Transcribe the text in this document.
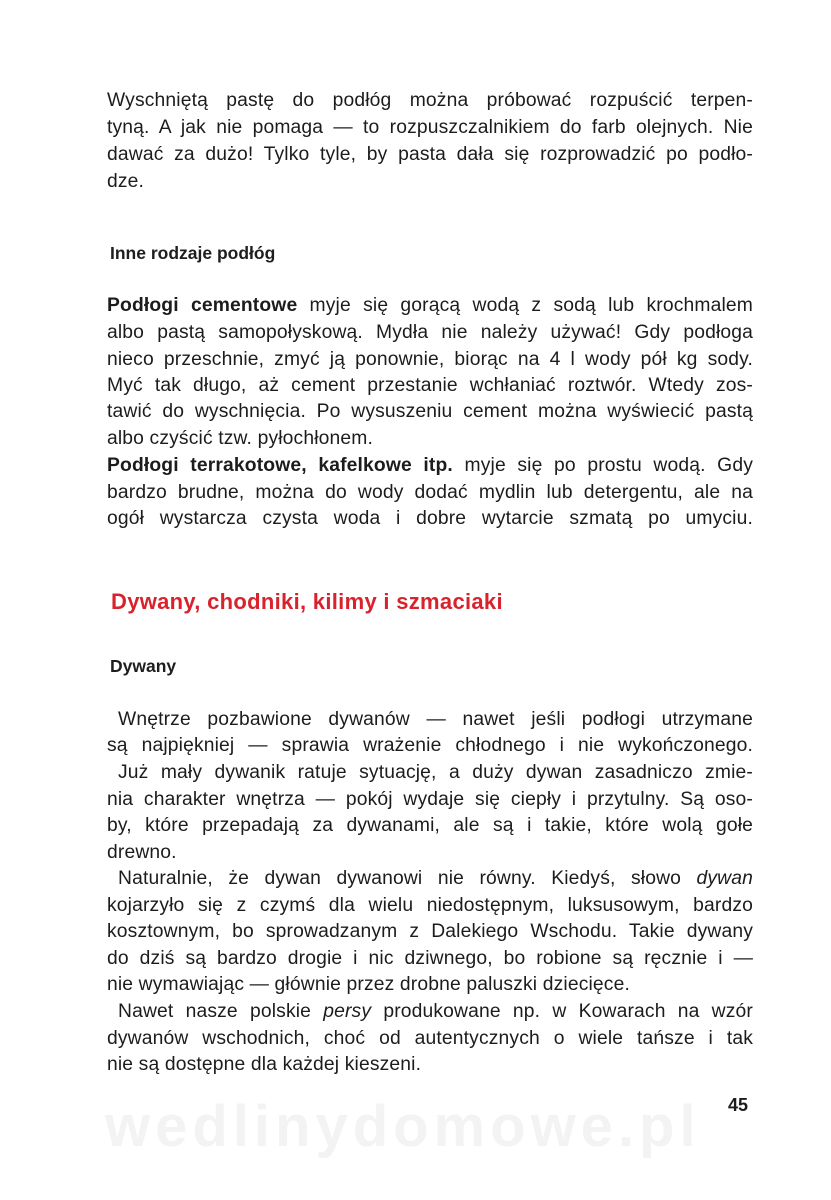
Wyschniętą pastę do podłóg można próbować rozpuścić terpen-
tyną. A jak nie pomaga — to rozpuszczalnikiem do farb olejnych. Nie
dawać za dużo! Tylko tyle, by pasta dała się rozprowadzić po podło-
dze.
Inne rodzaje podłóg
Podłogi cementowe myje się gorącą wodą z sodą lub krochmalem
albo pastą samopołyskową. Mydła nie należy używać! Gdy podłoga
nieco przeschnie, zmyć ją ponownie, biorąc na 4 l wody pół kg sody.
Myć tak długo, aż cement przestanie wchłaniać roztwór. Wtedy zos-
tawić do wyschnięcia. Po wysuszeniu cement można wyświecić pastą
albo czyścić tzw. pyłochłonem.
Podłogi terrakotowe, kafelkowe itp. myje się po prostu wodą. Gdy
bardzo brudne, można do wody dodać mydlin lub detergentu, ale na
ogół wystarcza czysta woda i dobre wytarcie szmatą po umyciu.
Dywany, chodniki, kilimy i szmaciaki
Dywany
Wnętrze pozbawione dywanów — nawet jeśli podłogi utrzymane
są najpiękniej — sprawia wrażenie chłodnego i nie wykończonego.
Już mały dywanik ratuje sytuację, a duży dywan zasadniczo zmie-
nia charakter wnętrza — pokój wydaje się ciepły i przytulny. Są oso-
by, które przepadają za dywanami, ale są i takie, które wolą gołe
drewno.
Naturalnie, że dywan dywanowi nie równy. Kiedyś, słowo dywan
kojarzyło się z czymś dla wielu niedostępnym, luksusowym, bardzo
kosztownym, bo sprowadzanym z Dalekiego Wschodu. Takie dywany
do dziś są bardzo drogie i nic dziwnego, bo robione są ręcznie i —
nie wymawiając — głównie przez drobne paluszki dziecięce.
Nawet nasze polskie persy produkowane np. w Kowarach na wzór
dywanów wschodnich, choć od autentycznych o wiele tańsze i tak
nie są dostępne dla każdej kieszeni.
wedlinydomowe.pl 45
